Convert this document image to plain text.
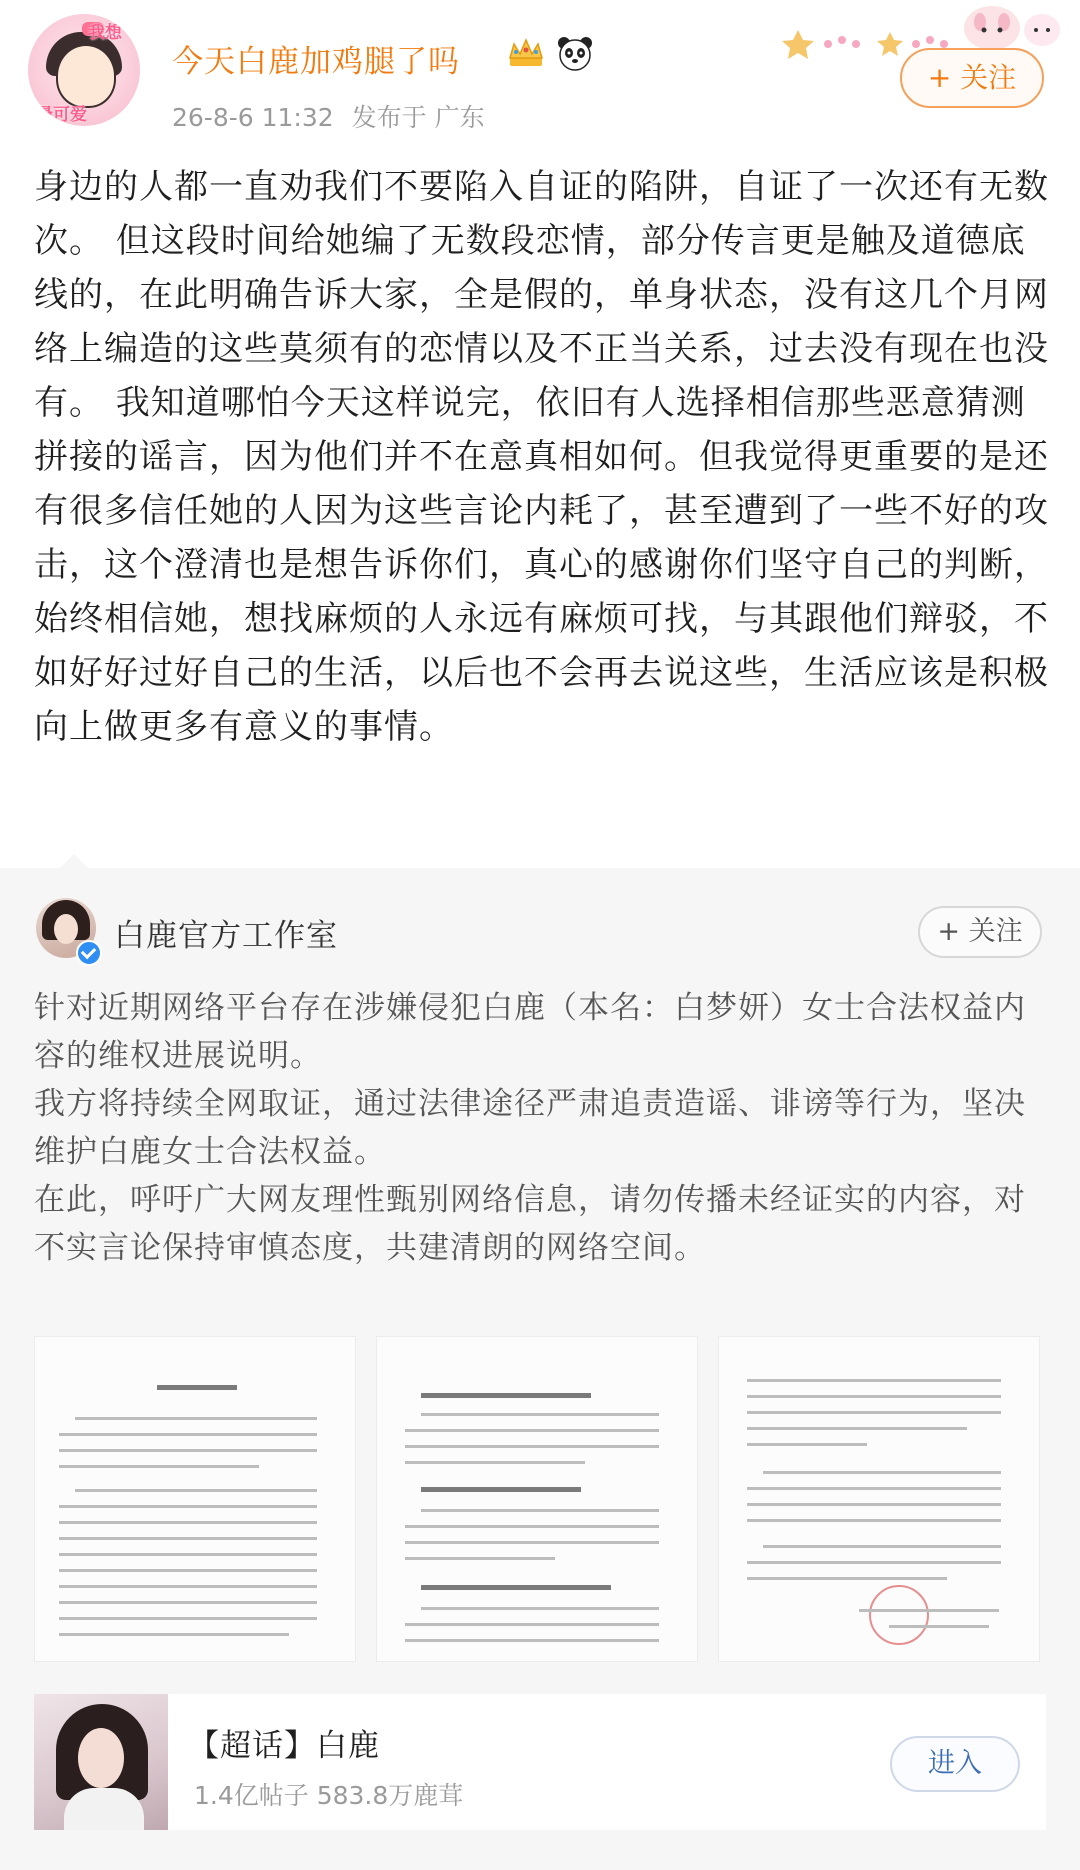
我想
最可爱
今天白鹿加鸡腿了吗
26-8-6 11:32 发布于 广东
+ 关注
身边的人都一直劝我们不要陷入自证的陷阱，自证了一次还有无数次。 但这段时间给她编了无数段恋情，部分传言更是触及道德底线的，在此明确告诉大家，全是假的，单身状态，没有这几个月网络上编造的这些莫须有的恋情以及不正当关系，过去没有现在也没有。 我知道哪怕今天这样说完，依旧有人选择相信那些恶意猜测拼接的谣言，因为他们并不在意真相如何。但我觉得更重要的是还有很多信任她的人因为这些言论内耗了，甚至遭到了一些不好的攻击，这个澄清也是想告诉你们，真心的感谢你们坚守自己的判断，始终相信她，想找麻烦的人永远有麻烦可找，与其跟他们辩驳，不如好好过好自己的生活，以后也不会再去说这些，生活应该是积极向上做更多有意义的事情。
白鹿官方工作室	+ 关注

针对近期网络平台存在涉嫌侵犯白鹿（本名：白梦妍）女士合法权益内容的维权进展说明。

我方将持续全网取证，通过法律途径严肃追责造谣、诽谤等行为，坚决维护白鹿女士合法权益。

在此，呼吁广大网友理性甄别网络信息，请勿传播未经证实的内容，对不实言论保持审慎态度，共建清朗的网络空间。

【超话】白鹿
1.4亿帖子 583.8万鹿茸
进入
